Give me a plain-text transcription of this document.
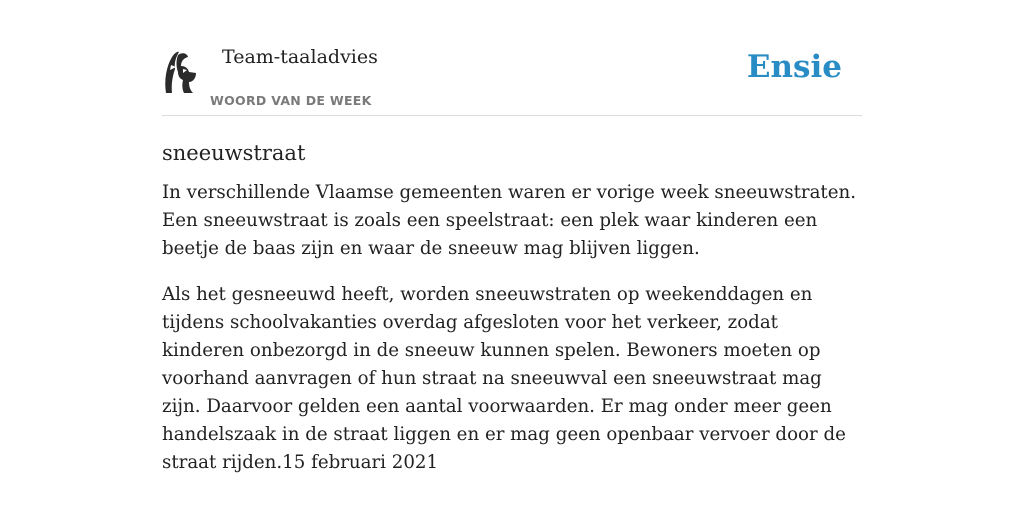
Team-taaladvies
WOORD VAN DE WEEK
Ensie
sneeuwstraat

In verschillende Vlaamse gemeenten waren er vorige week sneeuwstraten. Een sneeuwstraat is zoals een speelstraat: een plek waar kinderen een beetje de baas zijn en waar de sneeuw mag blijven liggen.

Als het gesneeuwd heeft, worden sneeuwstraten op weekenddagen en tijdens schoolvakanties overdag afgesloten voor het verkeer, zodat kinderen onbezorgd in de sneeuw kunnen spelen. Bewoners moeten op voorhand aanvragen of hun straat na sneeuwval een sneeuwstraat mag zijn. Daarvoor gelden een aantal voorwaarden. Er mag onder meer geen handelszaak in de straat liggen en er mag geen openbaar vervoer door de straat rijden.15 februari 2021
